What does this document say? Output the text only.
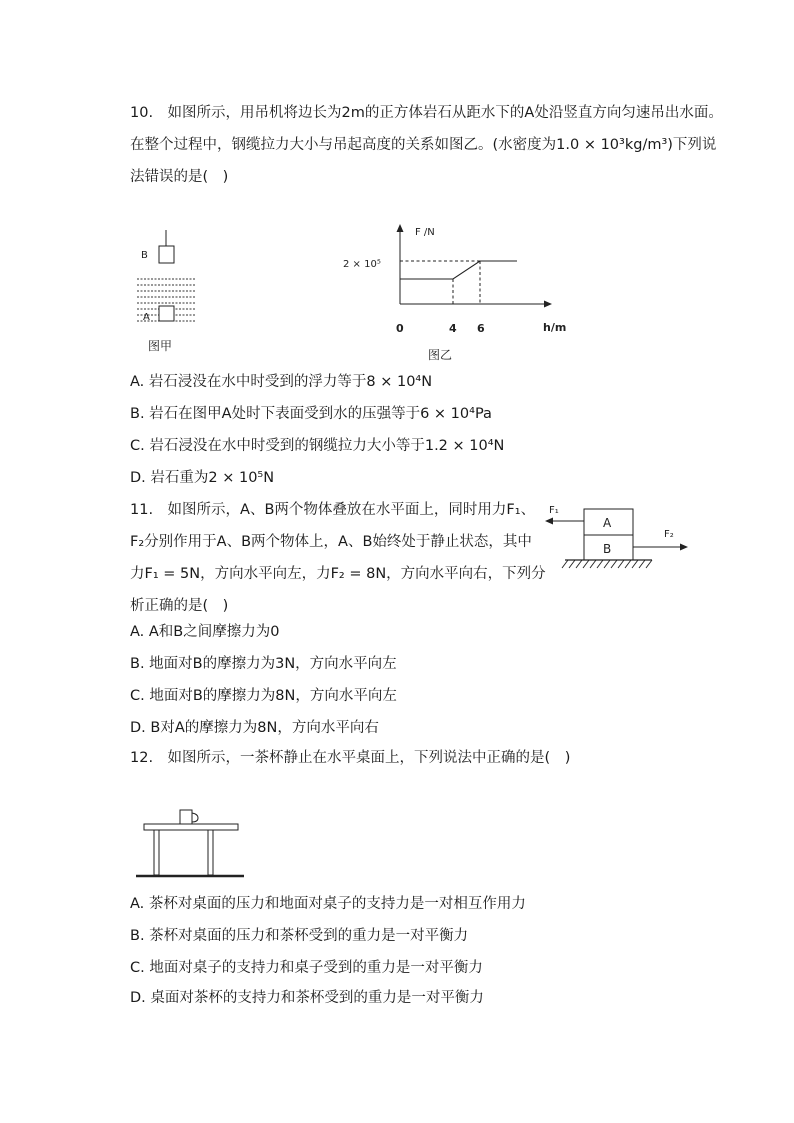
10.　如图所示，用吊机将边长为2m的正方体岩石从距水下的A处沿竖直方向匀速吊出水面。
在整个过程中，钢缆拉力大小与吊起高度的关系如图乙。(水密度为1.0 × 10³kg/m³)下列说
法错误的是(　)
B
A
图甲
F /N
h/m
2 × 10⁵
0	4 6
图乙
A. 岩石浸没在水中时受到的浮力等于8 × 10⁴N
B. 岩石在图甲A处时下表面受到水的压强等于6 × 10⁴Pa
C. 岩石浸没在水中时受到的钢缆拉力大小等于1.2 × 10⁴N
D. 岩石重为2 × 10⁵N
11.　如图所示，A、B两个物体叠放在水平面上，同时用力F₁、
F₂分别作用于A、B两个物体上，A、B始终处于静止状态，其中
力F₁ = 5N，方向水平向左，力F₂ = 8N，方向水平向右，下列分
析正确的是(　)
A
B
F₁
F₂
A. A和B之间摩擦力为0
B. 地面对B的摩擦力为3N，方向水平向左
C. 地面对B的摩擦力为8N，方向水平向左
D. B对A的摩擦力为8N，方向水平向右
12.　如图所示，一茶杯静止在水平桌面上，下列说法中正确的是(　)
A. 茶杯对桌面的压力和地面对桌子的支持力是一对相互作用力
B. 茶杯对桌面的压力和茶杯受到的重力是一对平衡力
C. 地面对桌子的支持力和桌子受到的重力是一对平衡力
D. 桌面对茶杯的支持力和茶杯受到的重力是一对平衡力
